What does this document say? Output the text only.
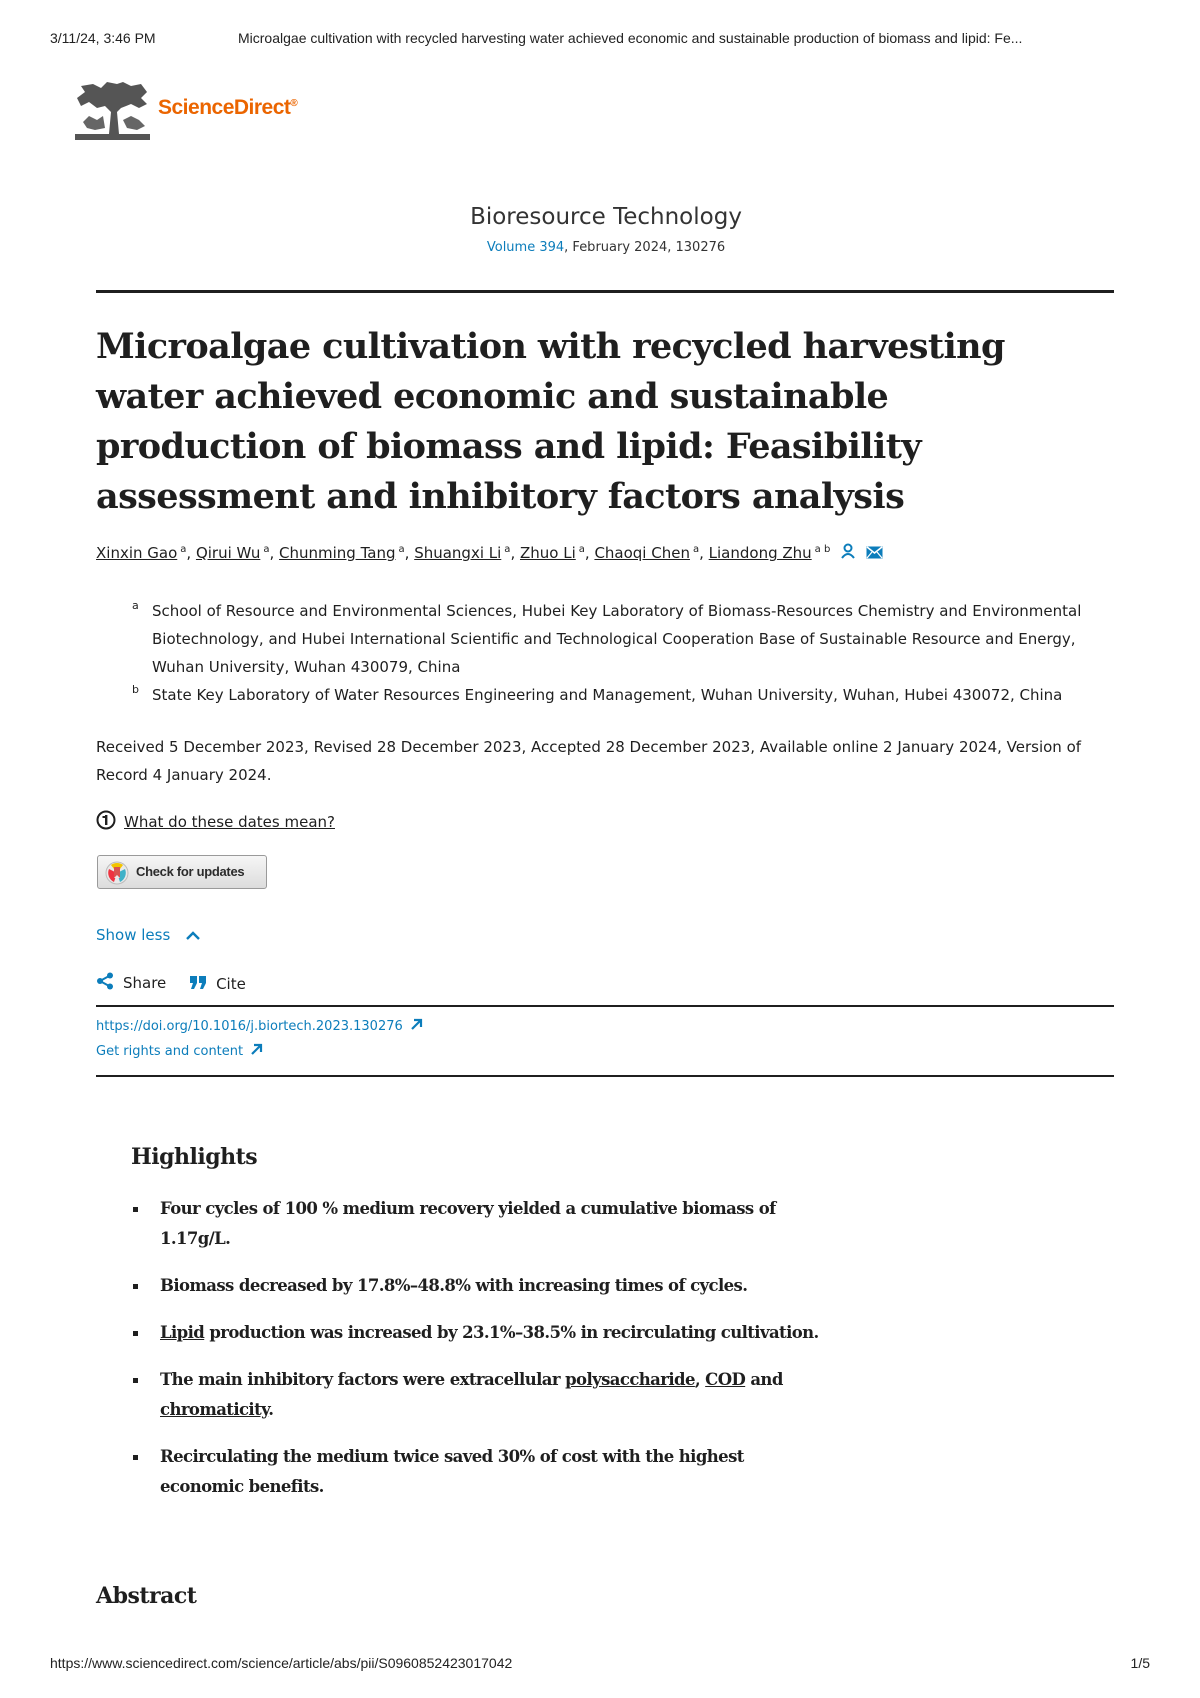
3/11/24, 3:46 PM	Microalgae cultivation with recycled harvesting water achieved economic and sustainable production of biomass and lipid: Fe...
ScienceDirect®
Bioresource Technology
Volume 394, February 2024, 130276
Microalgae cultivation with recycled harvesting water achieved economic and sustainable production of biomass and lipid: Feasibility assessment and inhibitory factors analysis
Xinxin Gao $^a$, Qirui Wu $^a$, Chunming Tang $^a$, Shuangxi Li $^a$, Zhuo Li $^a$, Chaoqi Chen $^a$, Liandong Zhu $^{a b}$
a School of Resource and Environmental Sciences, Hubei Key Laboratory of Biomass-Resources Chemistry and Environmental Biotechnology, and Hubei International Scientific and Technological Cooperation Base of Sustainable Resource and Energy, Wuhan University, Wuhan 430079, China
b State Key Laboratory of Water Resources Engineering and Management, Wuhan University, Wuhan, Hubei 430072, China
Received 5 December 2023, Revised 28 December 2023, Accepted 28 December 2023, Available online 2 January 2024, Version of Record 4 January 2024.
What do these dates mean?
Check for updates
Show less
Share
	Cite
https://doi.org/10.1016/j.biortech.2023.130276
Get rights and content
Highlights
Four cycles of 100 % medium recovery yielded a cumulative biomass of 1.17g/L.
Biomass decreased by 17.8%–48.8% with increasing times of cycles.
Lipid production was increased by 23.1%–38.5% in recirculating cultivation.
The main inhibitory factors were extracellular polysaccharide, COD and chromaticity.
Recirculating the medium twice saved 30% of cost with the highest economic benefits.
Abstract
https://www.sciencedirect.com/science/article/abs/pii/S0960852423017042	1/5
